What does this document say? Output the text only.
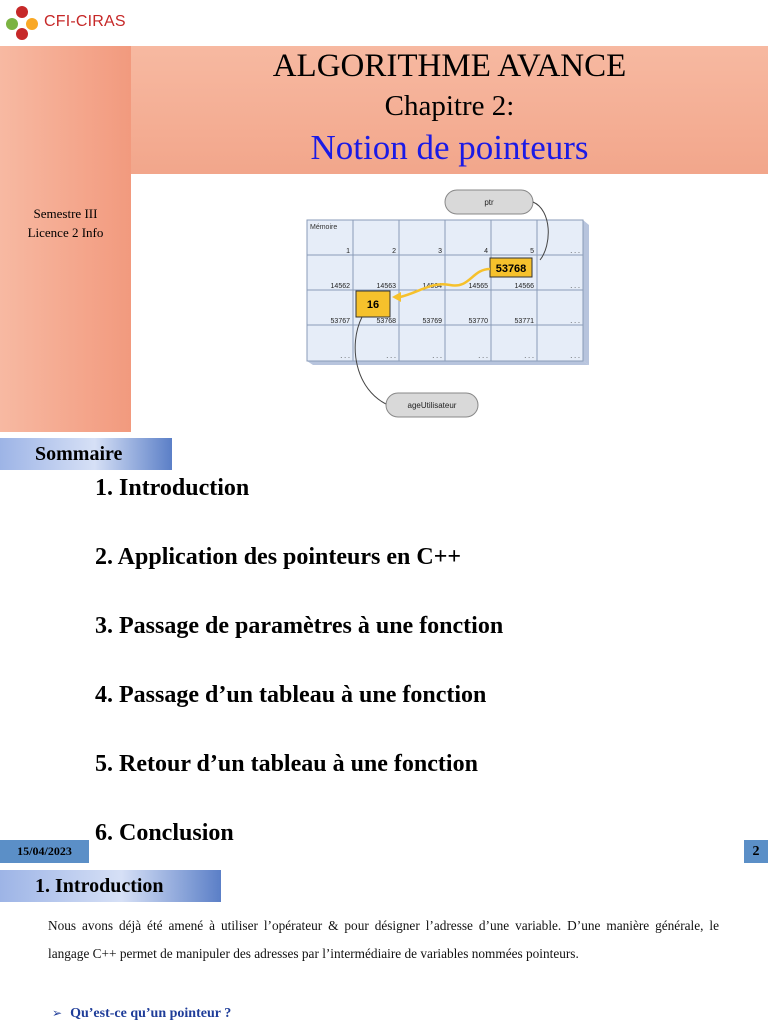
CFI-CIRAS
ALGORITHME AVANCE
Chapitre 2:
Notion de pointeurs
Semestre III
Licence 2 Info	Mémoire
1	2	3	4	5	. . .
14562	14563	14564	14565	14566	. . .
53767	53768	53769	53770	53771	. . .
. . .	. . .	. . .	. . .	. . .	. . .
ptr
53768
16
ageUtilisateur
Sommaire
1. Introduction
2. Application des pointeurs en C++
3. Passage de paramètres à une fonction
4. Passage d’un tableau à une fonction
5. Retour d’un tableau à une fonction
6. Conclusion
15/04/2023	2
1. Introduction
Nous avons déjà été amené à utiliser l’opérateur & pour désigner l’adresse d’une variable. D’une manière générale, le langage C++ permet de manipuler des adresses par l’intermédiaire de variables nommées pointeurs.
➢ Qu’est-ce qu’un pointeur ?
